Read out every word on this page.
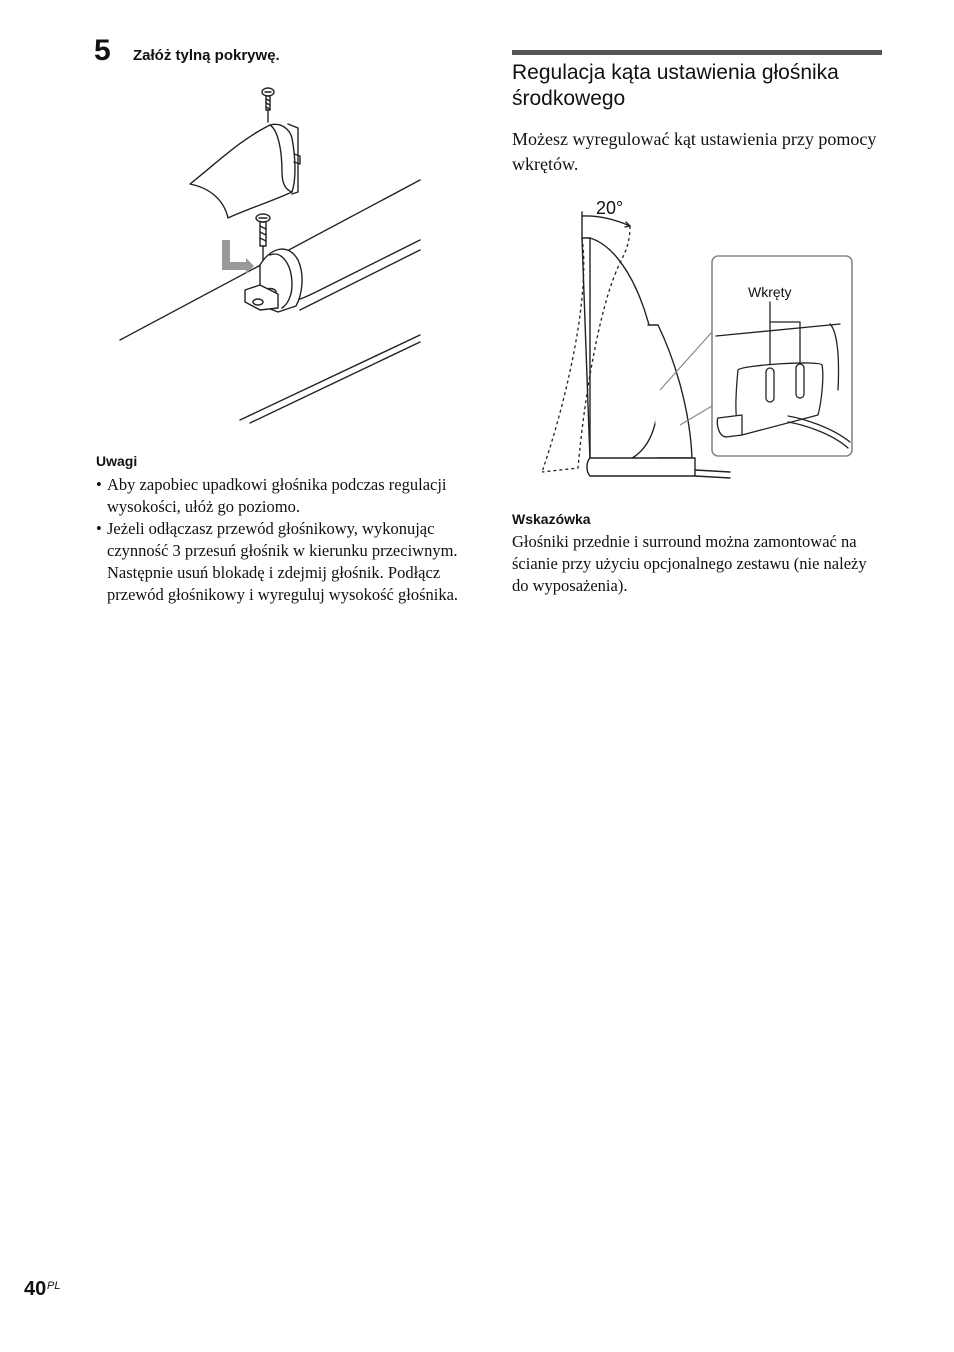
5 Załóż tylną pokrywę.
Uwagi
• Aby zapobiec upadkowi głośnika podczas regulacji wysokości, ułóż go poziomo.
• Jeżeli odłączasz przewód głośnikowy, wykonując czynność 3 przesuń głośnik w kierunku przeciwnym. Następnie usuń blokadę i zdejmij głośnik. Podłącz przewód głośnikowy i wyreguluj wysokość głośnika.
Regulacja kąta ustawienia głośnika środkowego
Możesz wyregulować kąt ustawienia przy pomocy wkrętów.
20°
Wkręty
Wskazówka
Głośniki przednie i surround można zamontować na ścianie przy użyciu opcjonalnego zestawu (nie należy do wyposażenia).
40 PL
